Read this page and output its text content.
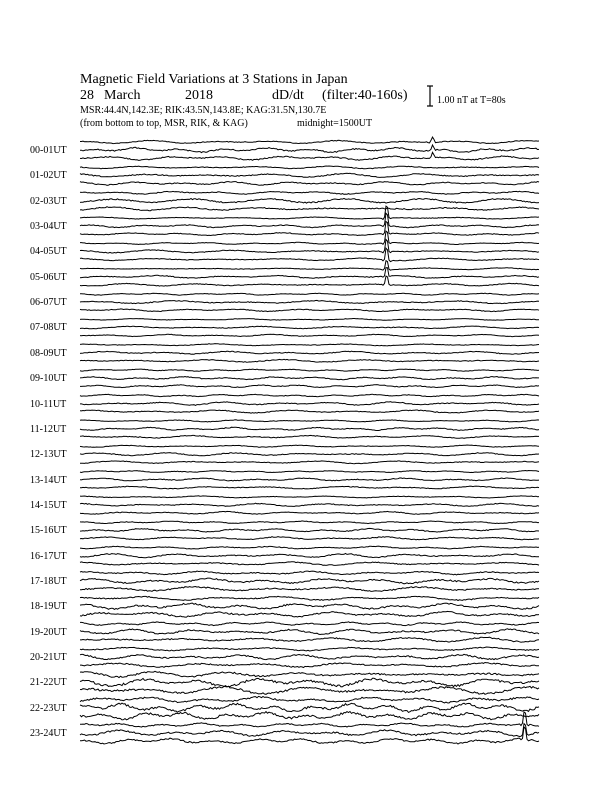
Magnetic Field Variations at 3 Stations in Japan
28 March	2018	dD/dt (filter:40-160s)
MSR:44.4N,142.3E; RIK:43.5N,143.8E; KAG:31.5N,130.7E
(from bottom to top, MSR, RIK, & KAG)	midnight=1500UT
1.00 nT at T=80s
00-01UT
01-02UT
02-03UT
03-04UT
04-05UT
05-06UT
06-07UT
07-08UT
08-09UT
09-10UT
10-11UT
11-12UT
12-13UT
13-14UT
14-15UT
15-16UT
16-17UT
17-18UT
18-19UT
19-20UT
20-21UT
21-22UT
22-23UT
23-24UT
